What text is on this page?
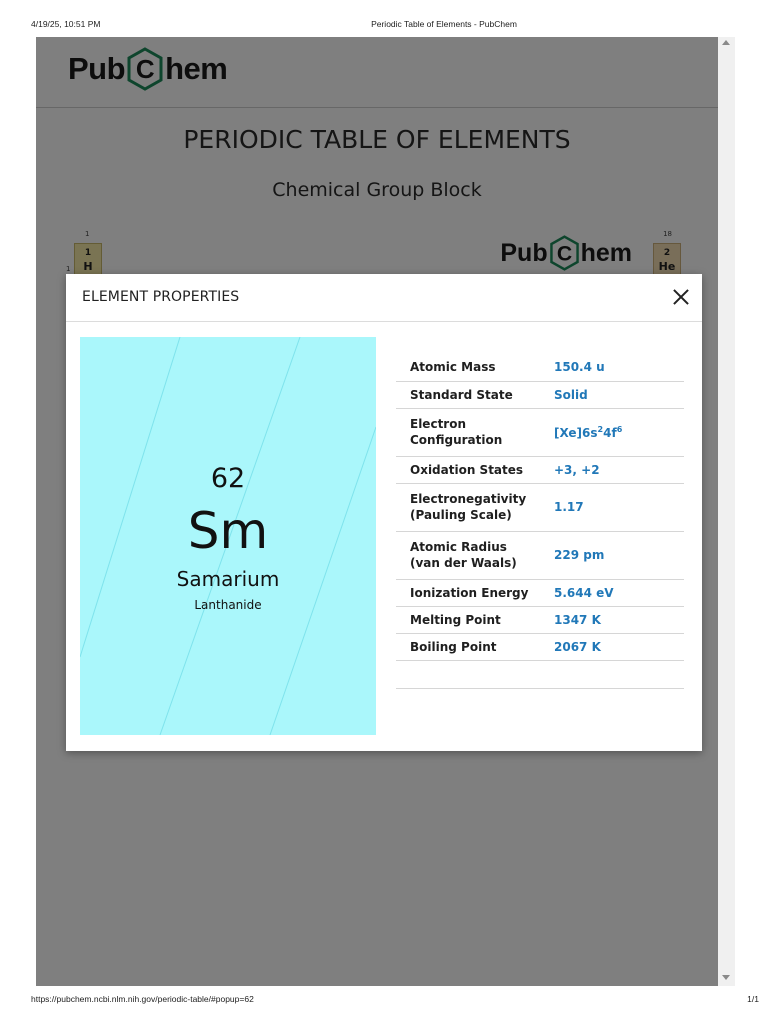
4/19/25, 10:51 PM	Periodic Table of Elements - PubChem
ELEMENT PROPERTIES
62
Sm
Samarium
Lanthanide
Atomic Mass	150.4 u
Standard State	Solid
Electron
Configuration	$[Xe]6s^24f^6$
Oxidation States	+3, +2
Electronegativity
(Pauling Scale)	1.17
Atomic Radius
(van der Waals)	229 pm
Ionization Energy	5.644 eV
Melting Point	1347 K
Boiling Point	2067 K

https://pubchem.ncbi.nlm.nih.gov/periodic-table/#popup=62	1/1
